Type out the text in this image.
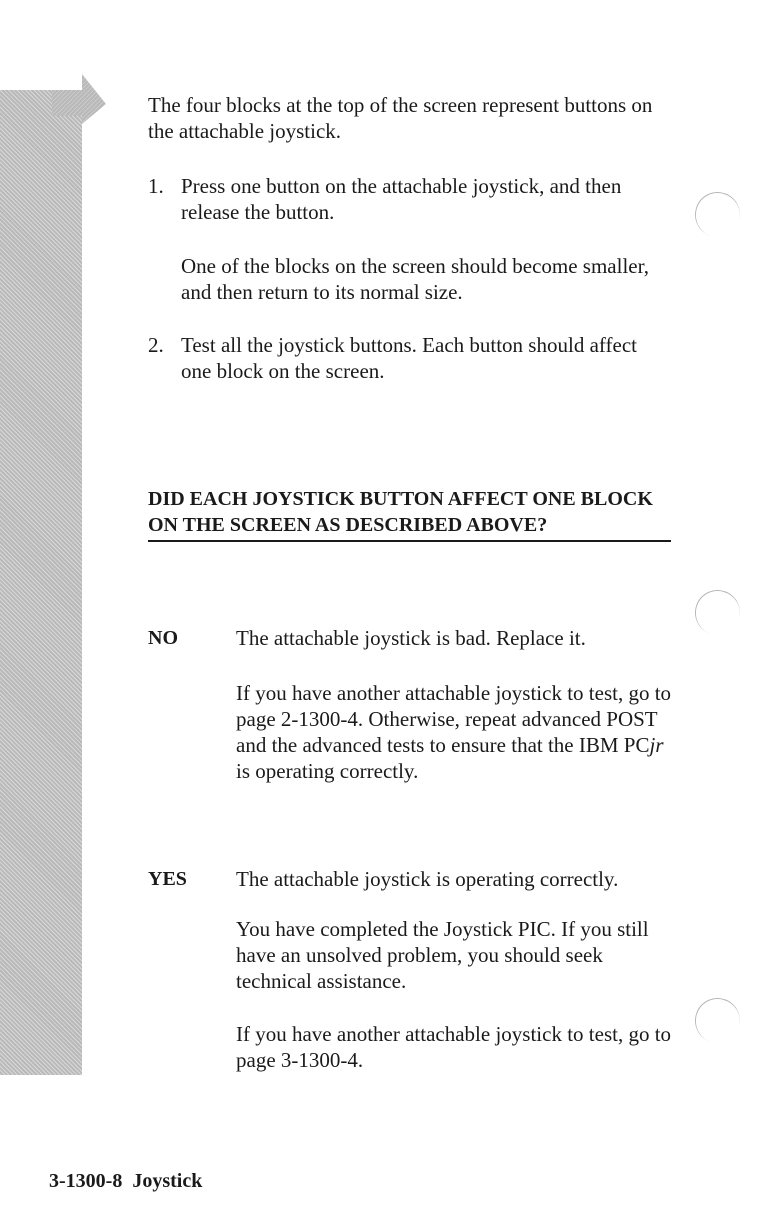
The four blocks at the top of the screen represent buttons on the attachable joystick.

1. Press one button on the attachable joystick, and then release the button.

One of the blocks on the screen should become smaller, and then return to its normal size.

2. Test all the joystick buttons. Each button should affect one block on the screen.

DID EACH JOYSTICK BUTTON AFFECT ONE BLOCK ON THE SCREEN AS DESCRIBED ABOVE?
NO	The attachable joystick is bad. Replace it.

If you have another attachable joystick to test, go to page 2-1300-4. Otherwise, repeat advanced POST and the advanced tests to ensure that the IBM PCjr is operating correctly.

YES The attachable joystick is operating correctly.

You have completed the Joystick PIC. If you still have an unsolved problem, you should seek technical assistance.

If you have another attachable joystick to test, go to page 3-1300-4.

3-1300-8 Joystick
